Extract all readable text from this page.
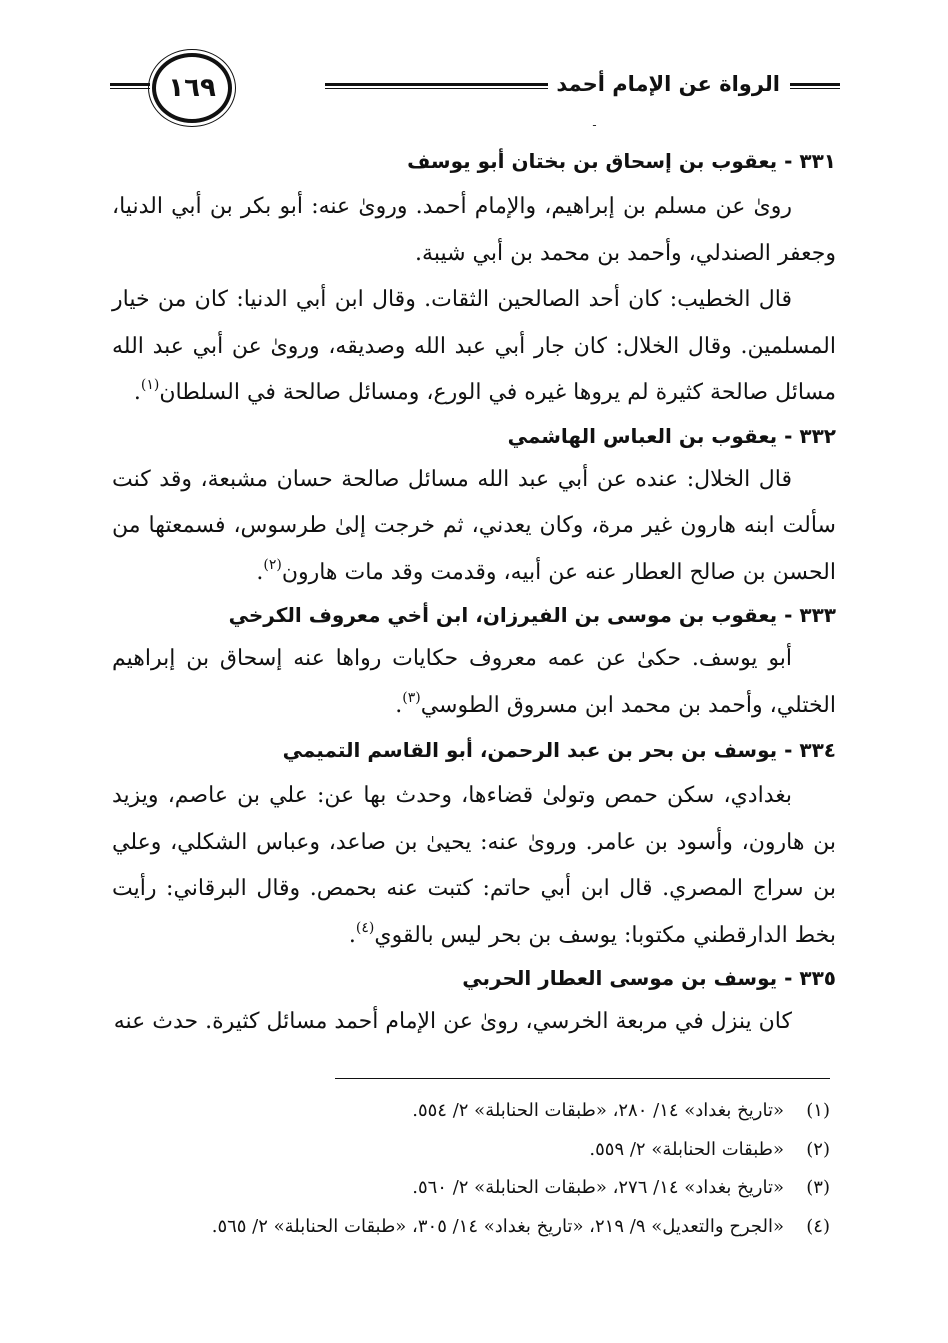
١٦٩	الرواة عن الإمام أحمد
ـ
٣٣١ - يعقوب بن إسحاق بن بختان أبو يوسف

رویٰ عن مسلم بن إبراهيم، والإمام أحمد. وروىٰ عنه: أبو بكر بن أبي الدنيا، وجعفر الصندلي، وأحمد بن محمد بن أبي شيبة.

قال الخطيب: كان أحد الصالحين الثقات. وقال ابن أبي الدنيا: كان من خيار المسلمين. وقال الخلال: كان جار أبي عبد الله وصديقه، وروىٰ عن أبي عبد الله مسائل صالحة كثيرة لم يروها غيره في الورع، ومسائل صالحة في السلطان$^{(١)}$.

٣٣٢ - يعقوب بن العباس الهاشمي

قال الخلال: عنده عن أبي عبد الله مسائل صالحة حسان مشبعة، وقد كنت سألت ابنه هارون غير مرة، وكان يعدني، ثم خرجت إلىٰ طرسوس، فسمعتها من الحسن بن صالح العطار عنه عن أبيه، وقدمت وقد مات هارون$^{(٢)}$.

٣٣٣ - يعقوب بن موسى بن الفيرزان، ابن أخي معروف الكرخي

أبو يوسف. حكىٰ عن عمه معروف حكايات رواها عنه إسحاق بن إبراهيم الختلي، وأحمد بن محمد ابن مسروق الطوسي$^{(٣)}$.

٣٣٤ - يوسف بن بحر بن عبد الرحمن، أبو القاسم التميمي

بغدادي، سكن حمص وتولىٰ قضاءها، وحدث بها عن: علي بن عاصم، ويزيد بن هارون، وأسود بن عامر. وروىٰ عنه: يحيىٰ بن صاعد، وعباس الشكلي، وعلي بن سراج المصري. قال ابن أبي حاتم: كتبت عنه بحمص. وقال البرقاني: رأيت بخط الدارقطني مكتوبا: يوسف بن بحر ليس بالقوي$^{(٤)}$.

٣٣٥ - يوسف بن موسى العطار الحربي

كان ينزل في مربعة الخرسي، روىٰ عن الإمام أحمد مسائل كثيرة. حدث عنه

(١)«تاريخ بغداد» ١٤/ ٢٨٠، «طبقات الحنابلة» ٢/ ٥٥٤.
(٢)«طبقات الحنابلة» ٢/ ٥٥٩.
(٣)«تاريخ بغداد» ١٤/ ٢٧٦، «طبقات الحنابلة» ٢/ ٥٦٠.
(٤)«الجرح والتعديل» ٩/ ٢١٩، «تاريخ بغداد» ١٤/ ٣٠٥، «طبقات الحنابلة» ٢/ ٥٦٥.
